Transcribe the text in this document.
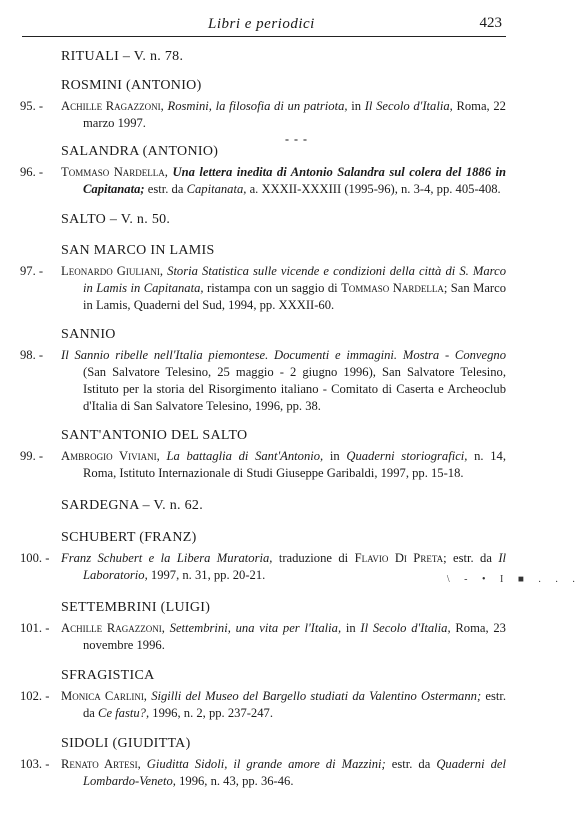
Libri e periodici	423
RITUALI – V. n. 78.
ROSMINI (ANTONIO)
95. -	Achille Ragazzoni, Rosmini, la filosofia di un patriota, in Il Secolo d'Italia, Roma, 22 marzo 1997.
- - -
SALANDRA (ANTONIO)
96. -	Tommaso Nardella, Una lettera inedita di Antonio Salandra sul colera del 1886 in Capitanata; estr. da Capitanata, a. XXXII-XXXIII (1995-96), n. 3-4, pp. 405-408.
SALTO – V. n. 50.
SAN MARCO IN LAMIS
97. -	Leonardo Giuliani, Storia Statistica sulle vicende e condizioni della città di S. Marco in Lamis in Capitanata, ristampa con un saggio di Tommaso Nardella; San Marco in Lamis, Quaderni del Sud, 1994, pp. XXXII-60.
SANNIO
98. -	Il Sannio ribelle nell'Italia piemontese. Documenti e immagini. Mostra - Convegno (San Salvatore Telesino, 25 maggio - 2 giugno 1996), San Salvatore Telesino, Istituto per la storia del Risorgimento italiano - Comitato di Caserta e Archeoclub d'Italia di San Salvatore Telesino, 1996, pp. 38.
SANT'ANTONIO DEL SALTO
99. -	Ambrogio Viviani, La battaglia di Sant'Antonio, in Quaderni storiografici, n. 14, Roma, Istituto Internazionale di Studi Giuseppe Garibaldi, 1997, pp. 15-18.
SARDEGNA – V. n. 62.
SCHUBERT (FRANZ)
100. - Franz Schubert e la Libera Muratoria, traduzione di Flavio Di Preta; estr. da Il Laboratorio, 1997, n. 31, pp. 20-21.	\ - • I ■ . . .
SETTEMBRINI (LUIGI)
101. - Achille Ragazzoni, Settembrini, una vita per l'Italia, in Il Secolo d'Italia, Roma, 23 novembre 1996.
SFRAGISTICA
102. - Monica Carlini, Sigilli del Museo del Bargello studiati da Valentino Ostermann; estr. da Ce fastu?, 1996, n. 2, pp. 237-247.
SIDOLI (GIUDITTA)
103. - Renato Artesi, Giuditta Sidoli, il grande amore di Mazzini; estr. da Quaderni del Lombardo-Veneto, 1996, n. 43, pp. 36-46.
